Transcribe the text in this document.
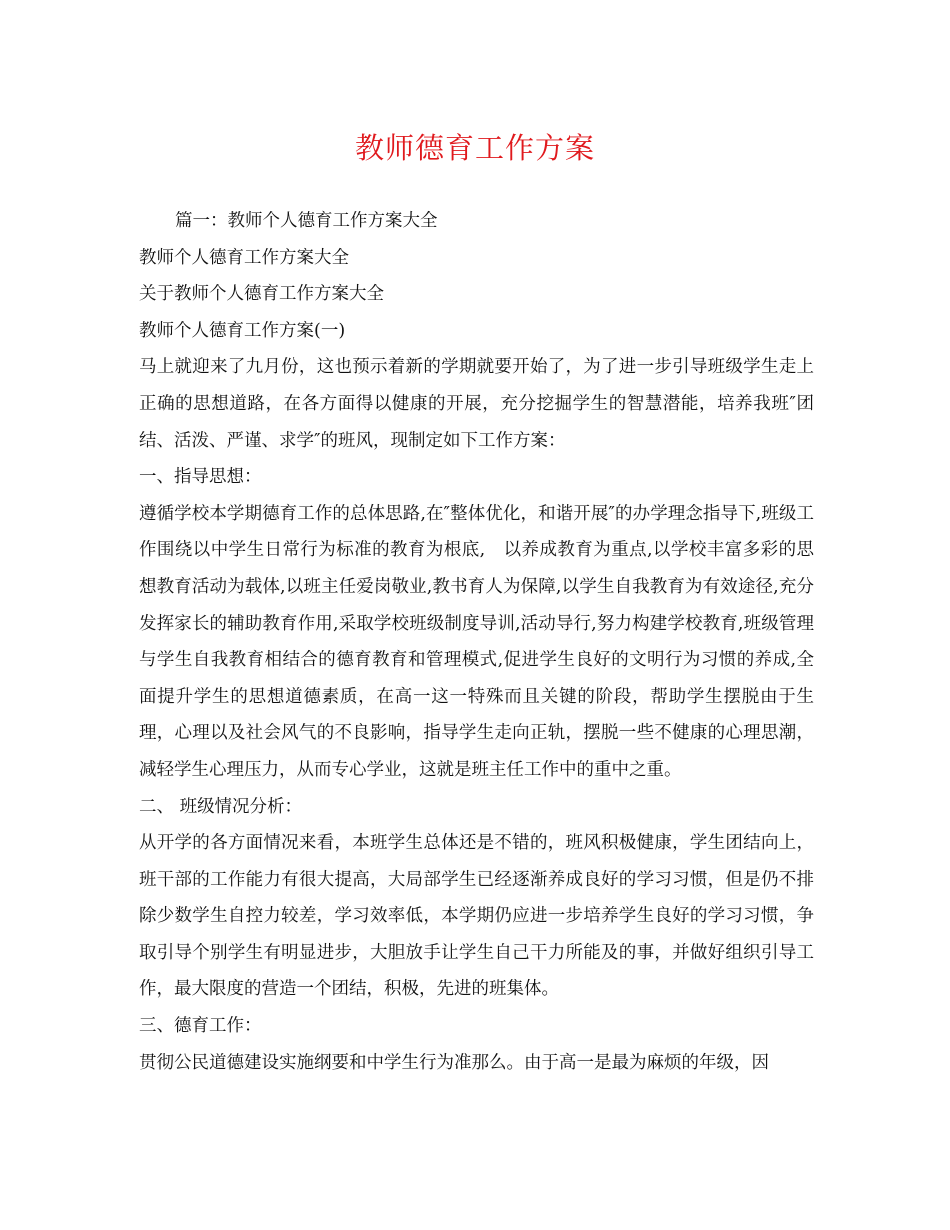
教师德育工作方案

篇一：教师个人德育工作方案大全

教师个人德育工作方案大全

关于教师个人德育工作方案大全

教师个人德育工作方案(一)

马上就迎来了九月份，这也预示着新的学期就要开始了，为了进一步引导班级学生走上正确的思想道路，在各方面得以健康的开展，充分挖掘学生的智慧潜能，培养我班″团结、活泼、严谨、求学″的班风，现制定如下工作方案：

一、指导思想：

遵循学校本学期德育工作的总体思路,在″整体优化，和谐开展″的办学理念指导下,班级工作围绕以中学生日常行为标准的教育为根底,　以养成教育为重点,以学校丰富多彩的思想教育活动为载体,以班主任爱岗敬业,教书育人为保障,以学生自我教育为有效途径,充分发挥家长的辅助教育作用,采取学校班级制度导训,活动导行,努力构建学校教育,班级管理与学生自我教育相结合的德育教育和管理模式,促进学生良好的文明行为习惯的养成,全面提升学生的思想道德素质，在高一这一特殊而且关键的阶段，帮助学生摆脱由于生理，心理以及社会风气的不良影响，指导学生走向正轨，摆脱一些不健康的心理思潮，减轻学生心理压力，从而专心学业，这就是班主任工作中的重中之重。

二、 班级情况分析：

从开学的各方面情况来看，本班学生总体还是不错的，班风积极健康，学生团结向上，班干部的工作能力有很大提高，大局部学生已经逐渐养成良好的学习习惯，但是仍不排除少数学生自控力较差，学习效率低，本学期仍应进一步培养学生良好的学习习惯，争取引导个别学生有明显进步，大胆放手让学生自己干力所能及的事，并做好组织引导工作，最大限度的营造一个团结，积极，先进的班集体。

三、德育工作：

贯彻公民道德建设实施纲要和中学生行为准那么。由于高一是最为麻烦的年级，因
